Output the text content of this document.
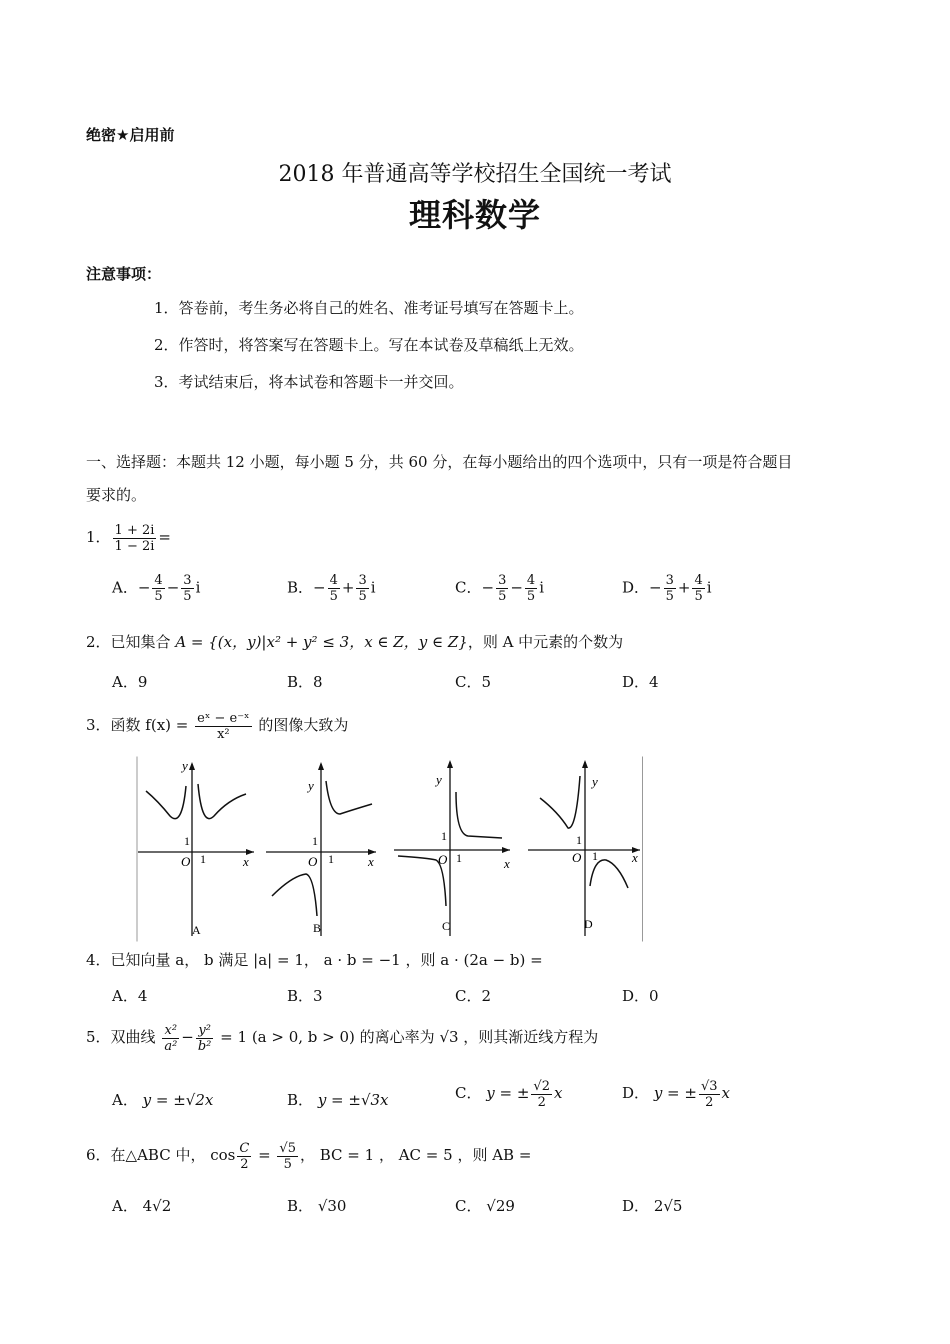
绝密★启用前
2018 年普通高等学校招生全国统一考试
理科数学
注意事项：
1．答卷前，考生务必将自己的姓名、准考证号填写在答题卡上。
2．作答时，将答案写在答题卡上。写在本试卷及草稿纸上无效。
3．考试结束后，将本试卷和答题卡一并交回。
一、选择题：本题共 12 小题，每小题 5 分，共 60 分，在每小题给出的四个选项中，只有一项是符合题目
要求的。
1． $\frac{1 + 2i}{1 - 2i}$ =
A．− $\frac{4}{5} - \frac{3}{5}$ i	B．− $\frac{4}{5} + \frac{3}{5}$ i	C．− $\frac{3}{5} - \frac{4}{5}$ i	D．− $\frac{3}{5} + \frac{4}{5}$ i
2．已知集合 A = {(x，y)|x² + y² ≤ 3，x ∈ Z，y ∈ Z}，则 A 中元素的个数为
A．9	B．8	C．5	D．4
3．函数 $f(x) = \frac{\text{eˣ − e⁻ˣ}}{\text{x²}}$ 的图像大致为
y
x
O 1
1
A
y
x
O 1
1
B
y
x
O 1
1
C
y
x
O 1
1
D
4．已知向量 a， b 满足 |a| = 1， a · b = −1 ，则 a · (2a − b) =
A．4	B．3	C．2	D．0
5．双曲线 $\frac{\text{x²}}{\text{a²}} - \frac{\text{y²}}{\text{b²}} = 1$ (a > 0, b > 0) 的离心率为 √3 ，则其渐近线方程为
A． y = ±√2x	B． y = ±√3x	C． y = ± $\frac{√2}{2}$ x	D． y = ± $\frac{√3}{2}$ x
6．在△ABC 中， $\cos \frac{C}{2} = \frac{√5}{5}$ ， BC = 1 ， AC = 5 ，则 AB =
A． 4√2	B． √30	C． √29	D． 2√5
